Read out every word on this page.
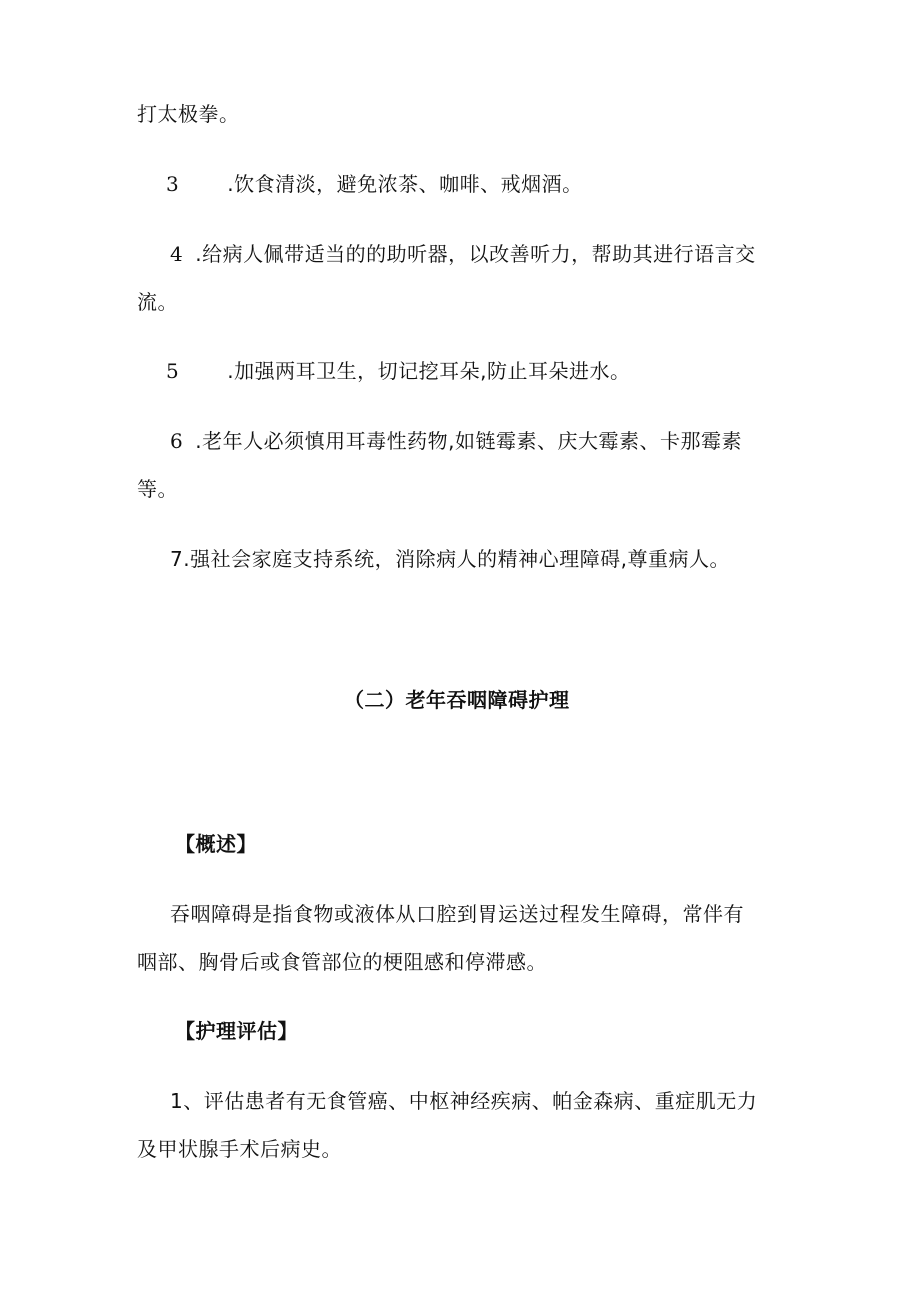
打太极拳。
3 .饮食清淡，避免浓茶、咖啡、戒烟酒。
4 .给病人佩带适当的的助听器，以改善听力，帮助其进行语言交
流。
5 .加强两耳卫生，切记挖耳朵,防止耳朵进水。
6 .老年人必须慎用耳毒性药物,如链霉素、庆大霉素、卡那霉素
等。
7.强社会家庭支持系统，消除病人的精神心理障碍,尊重病人。
（二）老年吞咽障碍护理
【概述】
吞咽障碍是指食物或液体从口腔到胃运送过程发生障碍，常伴有
咽部、胸骨后或食管部位的梗阻感和停滞感。
【护理评估】
1、评估患者有无食管癌、中枢神经疾病、帕金森病、重症肌无力
及甲状腺手术后病史。
